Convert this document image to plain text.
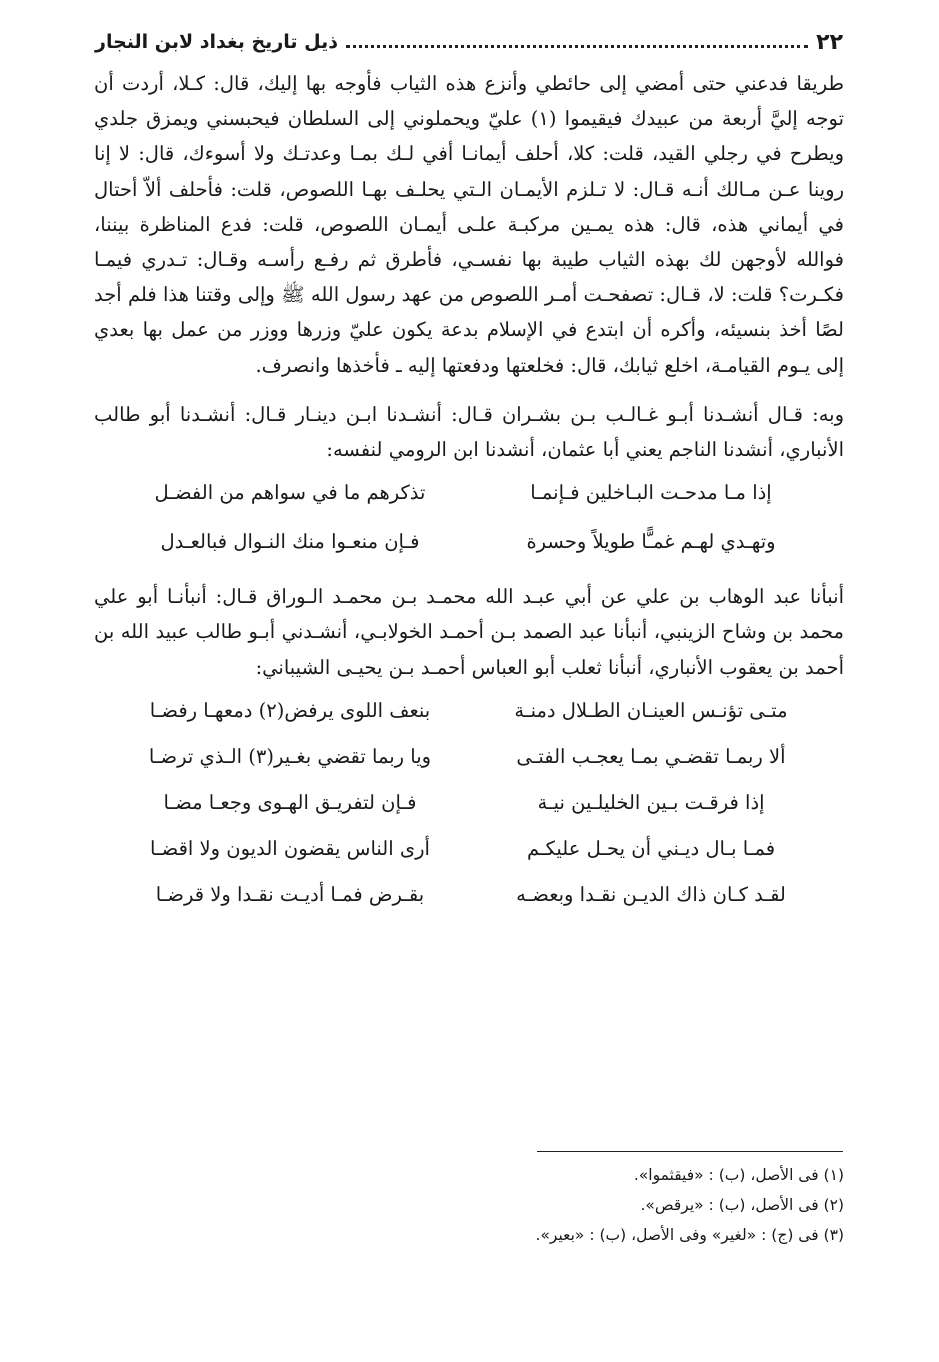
٢٢
ذيل تاريخ بغداد لابن النجار
طريقا فدعني حتى أمضي إلى حائطي وأنزع هذه الثياب فأوجه بها إليك، قال: كـلا، أردت أن توجه إليَّ أربعة من عبيدك فيقيموا (١) عليّ ويحملوني إلى السلطان فيحبسني ويمزق جلدي ويطرح في رجلي القيد، قلت: كلا، أحلف أيمانـا أفي لـك بمـا وعدتـك ولا أسوءك، قال: لا إنا روينا عـن مـالك أنـه قـال: لا تـلزم الأيمـان الـتي يحلـف بهـا اللصوص، قلت: فأحلف ألاّ أحتال في أيماني هذه، قال: هذه يمـين مركبـة علـى أيمـان اللصوص، قلت: فدع المناظرة بيننا، فوالله لأوجهن لك بهذه الثياب طيبة بها نفسـي، فأطرق ثم رفـع رأسـه وقـال: تـدري فيمـا فكـرت؟ قلت: لا، قـال: تصفحـت أمـر اللصوص من عهد رسول الله ﷺ وإلى وقتنا هذا فلم أجد لصًا أخذ بنسيئه، وأكره أن ابتدع في الإسلام بدعة يكون عليّ وزرها ووزر من عمل بها بعدي إلى يـوم القيامـة، اخلع ثيابك، قال: فخلعتها ودفعتها إليه ـ فأخذها وانصرف.
وبه: قـال أنشـدنا أبـو غـالـب بـن بشـران قـال: أنشـدنا ابـن دينـار قـال: أنشـدنا أبو طالب الأنباري، أنشدنا الناجم يعني أبا عثمان، أنشدنا ابن الرومي لنفسه:
إذا مـا مدحـت البـاخلين فـإنمـا
تذكرهم ما في سواهم من الفضـل
وتهـدي لهـم غمـًّا طويلاً وحسرة
فـإن منعـوا منك النـوال فبالعـدل
أنبأنا عبد الوهاب بن علي عن أبي عبـد الله محمـد بـن محمـد الـوراق قـال: أنبأنـا أبو علي محمد بن وشاح الزينبي، أنبأنا عبد الصمد بـن أحمـد الخولابـي، أنشـدني أبـو طالب عبيد الله بن أحمد بن يعقوب الأنباري، أنبأنا ثعلب أبو العباس أحمـد بـن يحيـى الشيباني:
متـى تؤنـس العينـان الطـلال دمنـة
بنعف اللوى يرفض(٢) دمعهـا رفضـا
ألا ربمـا تقضـي بمـا يعجـب الفتـى
ويا ربما تقضي بغـير(٣) الـذي ترضـا
إذا فرقـت بـين الخليلـين نيـة
فـإن لتفريـق الهـوى وجعـا مضـا
فمـا بـال ديـني أن يحـل عليكـم
أرى الناس يقضون الديون ولا اقضـا
لقـد كـان ذاك الديـن نقـدا وبعضـه
بقـرض فمـا أديـت نقـدا ولا قرضـا
(١) فى الأصل، (ب) : «فيقثموا».
(٢) فى الأصل، (ب) : «يرقص».
(٣) فى (ج) : «لغير» وفى الأصل، (ب) : «بعير».
